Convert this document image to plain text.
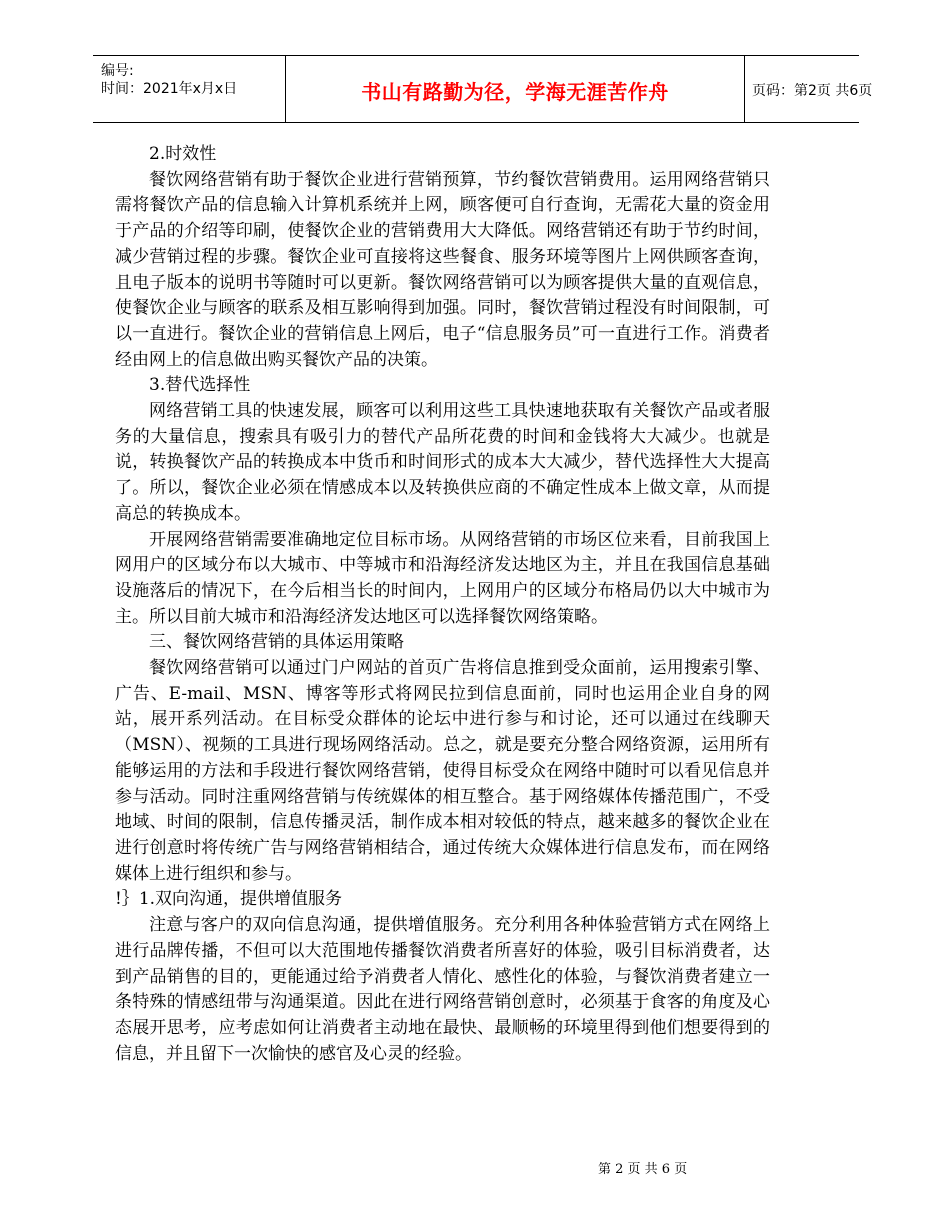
编号:
时间：2021年x月x日	书山有路勤为径，学海无涯苦作舟	页码：第2页 共6页

2.时效性

餐饮网络营销有助于餐饮企业进行营销预算，节约餐饮营销费用。运用网络营销只需将餐饮产品的信息输入计算机系统并上网，顾客便可自行查询，无需花大量的资金用于产品的介绍等印刷，使餐饮企业的营销费用大大降低。网络营销还有助于节约时间，减少营销过程的步骤。餐饮企业可直接将这些餐食、服务环境等图片上网供顾客查询，且电子版本的说明书等随时可以更新。餐饮网络营销可以为顾客提供大量的直观信息，使餐饮企业与顾客的联系及相互影响得到加强。同时，餐饮营销过程没有时间限制，可以一直进行。餐饮企业的营销信息上网后，电子“信息服务员”可一直进行工作。消费者经由网上的信息做出购买餐饮产品的决策。

3.替代选择性

网络营销工具的快速发展，顾客可以利用这些工具快速地获取有关餐饮产品或者服务的大量信息，搜索具有吸引力的替代产品所花费的时间和金钱将大大减少。也就是说，转换餐饮产品的转换成本中货币和时间形式的成本大大减少，替代选择性大大提高了。所以，餐饮企业必须在情感成本以及转换供应商的不确定性成本上做文章，从而提高总的转换成本。

开展网络营销需要准确地定位目标市场。从网络营销的市场区位来看，目前我国上网用户的区域分布以大城市、中等城市和沿海经济发达地区为主，并且在我国信息基础设施落后的情况下，在今后相当长的时间内，上网用户的区域分布格局仍以大中城市为主。所以目前大城市和沿海经济发达地区可以选择餐饮网络策略。

三、餐饮网络营销的具体运用策略

餐饮网络营销可以通过门户网站的首页广告将信息推到受众面前，运用搜索引擎、广告、E-mail、MSN、博客等形式将网民拉到信息面前，同时也运用企业自身的网站，展开系列活动。在目标受众群体的论坛中进行参与和讨论，还可以通过在线聊天（MSN）、视频的工具进行现场网络活动。总之，就是要充分整合网络资源，运用所有能够运用的方法和手段进行餐饮网络营销，使得目标受众在网络中随时可以看见信息并参与活动。同时注重网络营销与传统媒体的相互整合。基于网络媒体传播范围广，不受地域、时间的限制，信息传播灵活，制作成本相对较低的特点，越来越多的餐饮企业在进行创意时将传统广告与网络营销相结合，通过传统大众媒体进行信息发布，而在网络媒体上进行组织和参与。

!｝1.双向沟通，提供增值服务

注意与客户的双向信息沟通，提供增值服务。充分利用各种体验营销方式在网络上进行品牌传播，不但可以大范围地传播餐饮消费者所喜好的体验，吸引目标消费者，达到产品销售的目的，更能通过给予消费者人情化、感性化的体验，与餐饮消费者建立一条特殊的情感纽带与沟通渠道。因此在进行网络营销创意时，必须基于食客的角度及心态展开思考，应考虑如何让消费者主动地在最快、最顺畅的环境里得到他们想要得到的信息，并且留下一次愉快的感官及心灵的经验。

第 2 页 共 6 页
